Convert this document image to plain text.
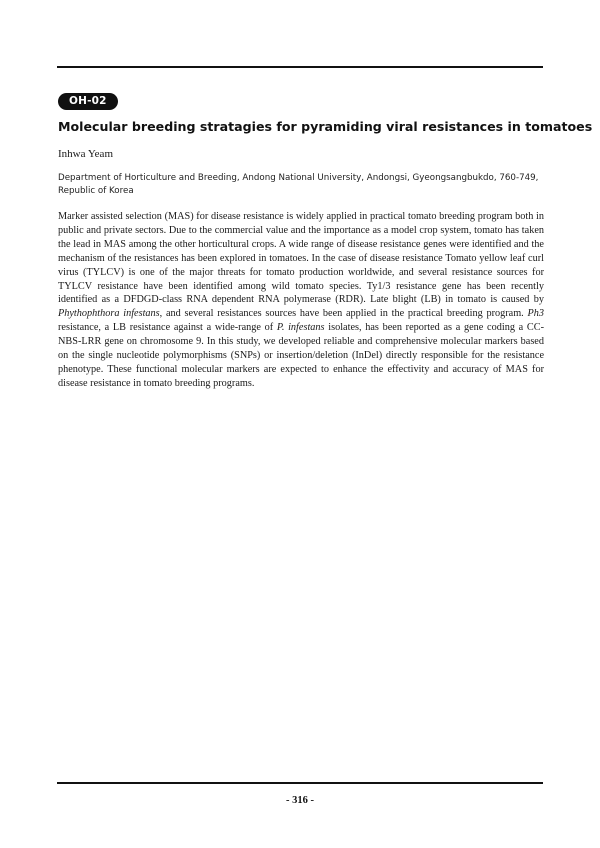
OH-02
Molecular breeding stratagies for pyramiding viral resistances in tomatoes
Inhwa Yeam
Department of Horticulture and Breeding, Andong National University, Andongsi, Gyeongsangbukdo, 760-749, Republic of Korea

Marker assisted selection (MAS) for disease resistance is widely applied in practical tomato breeding program both in public and private sectors. Due to the commercial value and the importance as a model crop system, tomato has taken the lead in MAS among the other horticultural crops. A wide range of disease resistance genes were identified and the mechanism of the resistances has been explored in tomatoes. In the case of disease resistance Tomato yellow leaf curl virus (TYLCV) is one of the major threats for tomato production worldwide, and several resistance sources for TYLCV resistance have been identified among wild tomato species. Ty1/3 resistance gene has been recently identified as a DFDGD-class RNA dependent RNA polymerase (RDR). Late blight (LB) in tomato is caused by Phythophthora infestans, and several resistances sources have been applied in the practical breeding program. Ph3 resistance, a LB resistance against a wide-range of P. infestans isolates, has been reported as a gene coding a CC-NBS-LRR gene on chromosome 9. In this study, we developed reliable and comprehensive molecular markers based on the single nucleotide polymorphisms (SNPs) or insertion/deletion (InDel) directly responsible for the resistance phenotype. These functional molecular markers are expected to enhance the effectivity and accuracy of MAS for disease resistance in tomato breeding programs.

- 316 -
